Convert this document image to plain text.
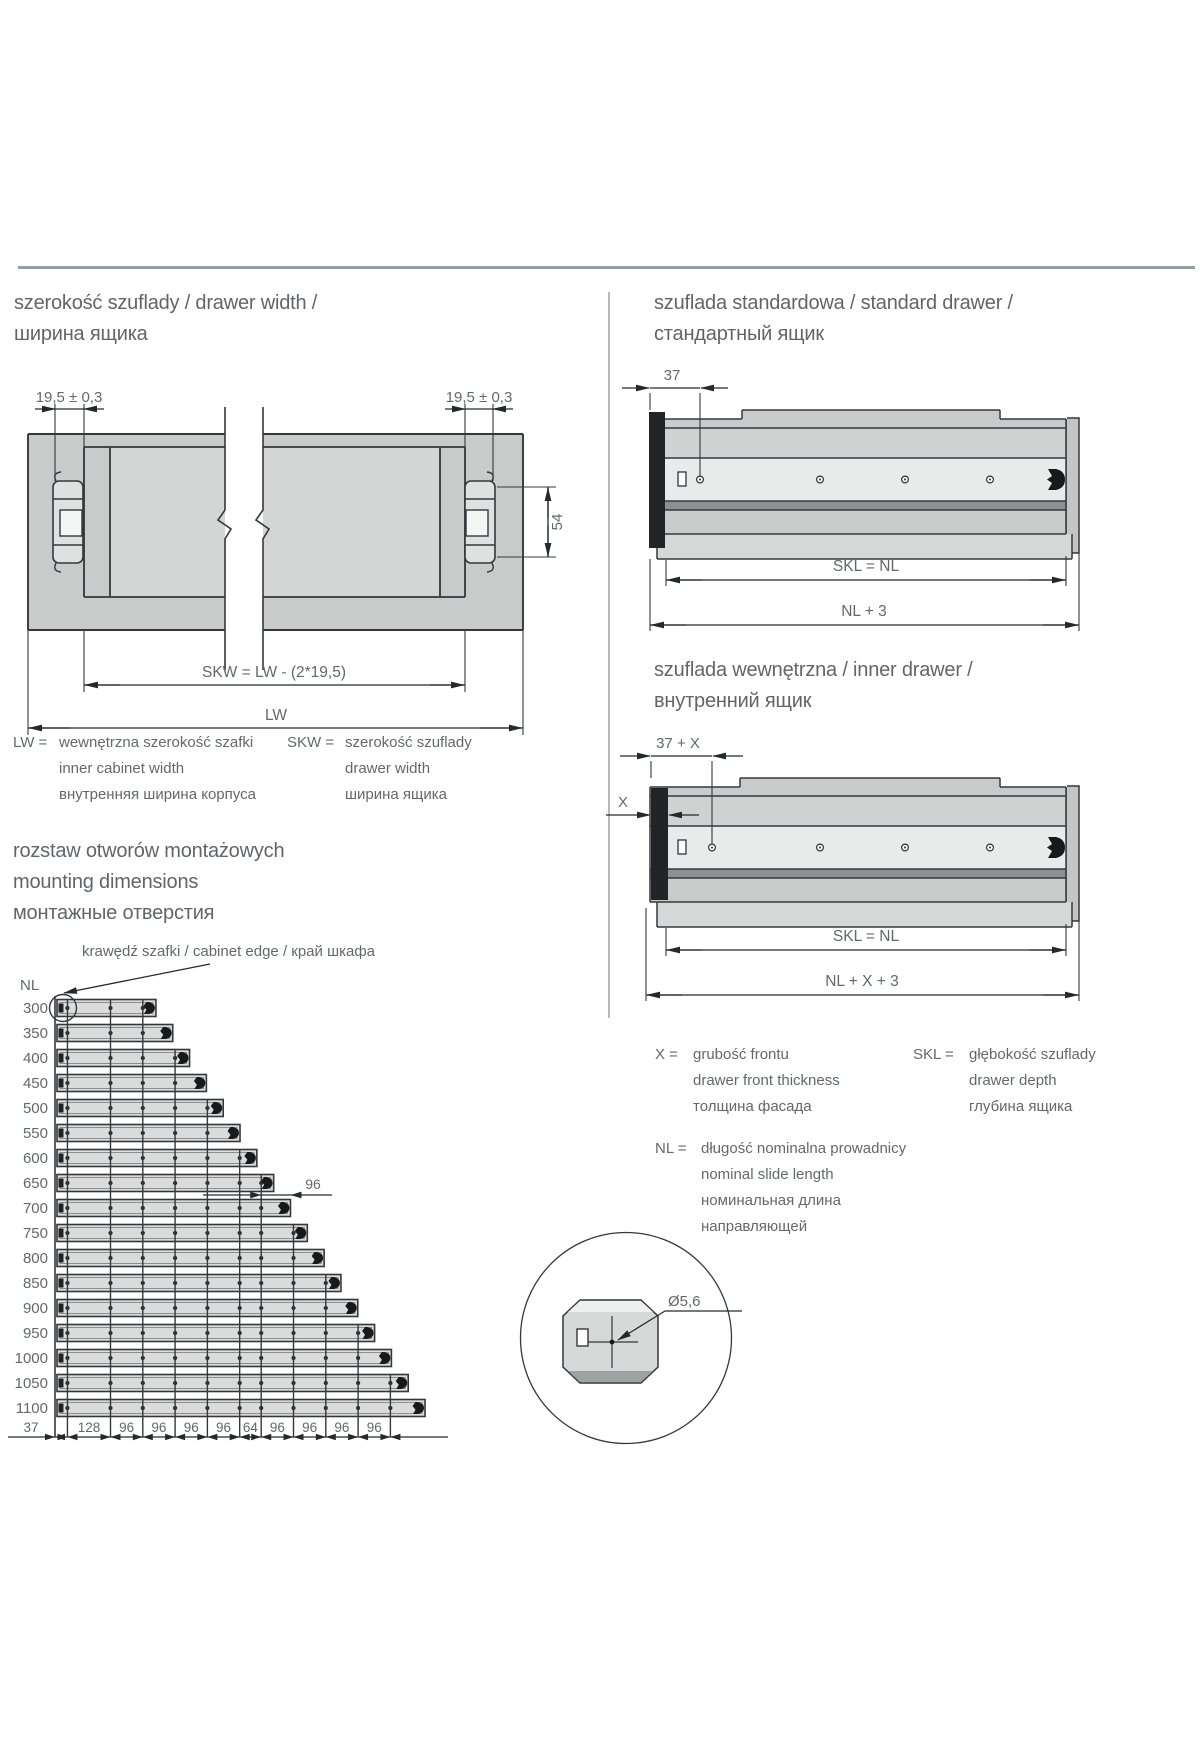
szerokość szuflady / drawer width /
ширина ящика
szuflada standardowa / standard drawer /
стандартный ящик
szuflada wewnętrzna / inner drawer /
внутренний ящик
rozstaw otworów montażowych
mounting dimensions
монтажные отверстия
LW = wewnętrzna szerokość szafki
inner cabinet width
внутренняя ширина корпуса
SKW = szerokość szuflady
drawer width
ширина ящика
krawędź szafki / cabinet edge / край шкафа
X =	grubość frontu
drawer front thickness
толщина фасада
SKL =	głębokość szuflady
drawer depth
глубина ящика
NL = długość nominalna prowadnicy
nominal slide length
номинальная длина
направляющей
19,5 ± 0,3	19,5 ± 0,3
54
SKW = LW - (2*19,5)
LW
37
SKL = NL
NL + 3
37 + X
X
SKL = NL
NL + X + 3
NL
300
350
400
450
500
550
600
650
700
750
800
850
900
950
1000
1050
1100
37	128 96 96 96 96 64 96 96 96 96
96
Ø5,6
